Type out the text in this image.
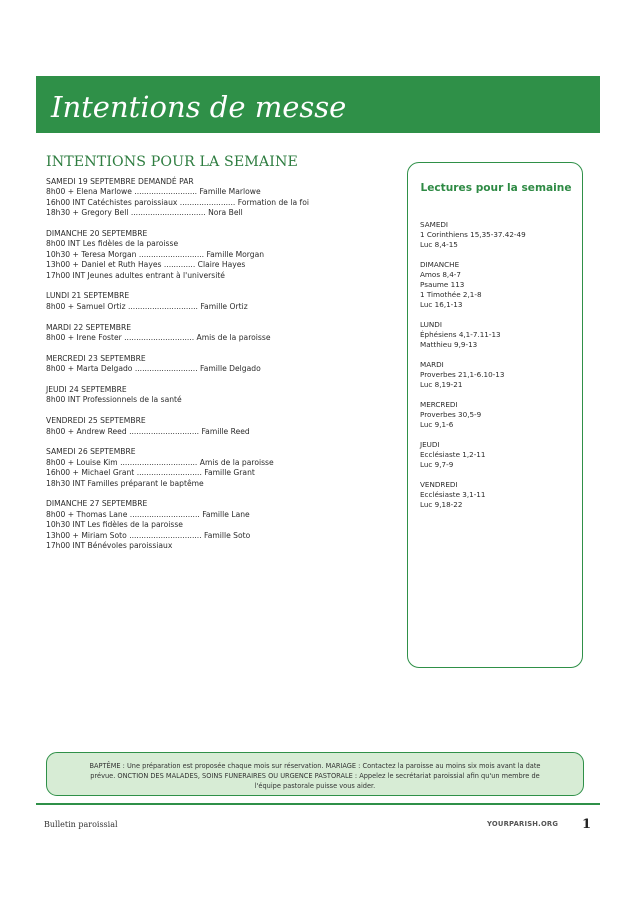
Intentions de messe
INTENTIONS POUR LA SEMAINE
SAMEDI 19 SEPTEMBRE DEMANDÉ PAR
8h00 + Elena Marlowe .......................... Famille Marlowe
16h00 INT Catéchistes paroissiaux ....................... Formation de la foi
18h30 + Gregory Bell ............................... Nora Bell
DIMANCHE 20 SEPTEMBRE
8h00 INT Les fidèles de la paroisse
10h30 + Teresa Morgan ........................... Famille Morgan
13h00 + Daniel et Ruth Hayes ............. Claire Hayes
17h00 INT Jeunes adultes entrant à l'université
LUNDI 21 SEPTEMBRE
8h00 + Samuel Ortiz ............................. Famille Ortiz
MARDI 22 SEPTEMBRE
8h00 + Irene Foster ............................. Amis de la paroisse
MERCREDI 23 SEPTEMBRE
8h00 + Marta Delgado .......................... Famille Delgado
JEUDI 24 SEPTEMBRE
8h00 INT Professionnels de la santé
VENDREDI 25 SEPTEMBRE
8h00 + Andrew Reed ............................. Famille Reed
SAMEDI 26 SEPTEMBRE
8h00 + Louise Kim ................................ Amis de la paroisse
16h00 + Michael Grant ........................... Famille Grant
18h30 INT Familles préparant le baptême
DIMANCHE 27 SEPTEMBRE
8h00 + Thomas Lane ............................. Famille Lane
10h30 INT Les fidèles de la paroisse
13h00 + Miriam Soto .............................. Famille Soto
17h00 INT Bénévoles paroissiaux
Lectures pour la semaine
SAMEDI
1 Corinthiens 15,35-37.42-49
Luc 8,4-15
DIMANCHE
Amos 8,4-7
Psaume 113
1 Timothée 2,1-8
Luc 16,1-13
LUNDI
Éphésiens 4,1-7.11-13
Matthieu 9,9-13
MARDI
Proverbes 21,1-6.10-13
Luc 8,19-21
MERCREDI
Proverbes 30,5-9
Luc 9,1-6
JEUDI
Ecclésiaste 1,2-11
Luc 9,7-9
VENDREDI
Ecclésiaste 3,1-11
Luc 9,18-22

BAPTÊME : Une préparation est proposée chaque mois sur réservation. MARIAGE : Contactez la paroisse au moins six mois avant la date prévue. ONCTION DES MALADES, SOINS FUNERAIRES OU URGENCE PASTORALE : Appelez le secrétariat paroissial afin qu'un membre de l'équipe pastorale puisse vous aider.

Bulletin paroissial	YOURPARISH.ORG 1
